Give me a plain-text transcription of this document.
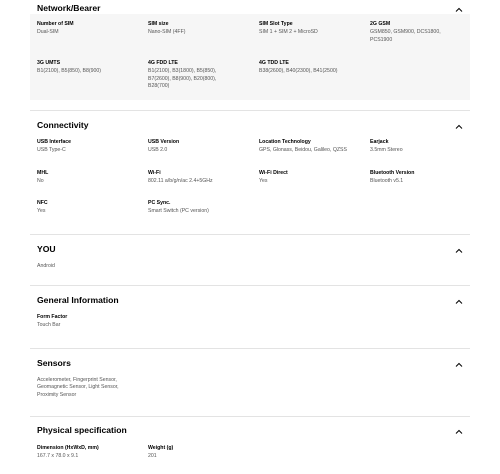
Network/Bearer
Number of SIM
Dual-SIM
SIM size
Nano-SIM (4FF)
SIM Slot Type
SIM 1 + SIM 2 + MicroSD
2G GSM
GSM850, GSM900, DCS1800,
PCS1900
3G UMTS
B1(2100), B5(850), B8(900)
4G FDD LTE
B1(2100), B3(1800), B5(850),
B7(2600), B8(900), B20(800),
B28(700)
4G TDD LTE
B38(2600), B40(2300), B41(2500)
Connectivity
USB Interface
USB Type-C
USB Version
USB 2.0
Location Technology
GPS, Glonass, Beidou, Galileo, QZSS
Earjack
3.5mm Stereo
MHL
No
Wi-Fi
802.11 a/b/g/n/ac 2.4+5GHz
Wi-Fi Direct
Yes
Bluetooth Version
Bluetooth v5.1
NFC
Yes
PC Sync.
Smart Switch (PC version)
YOU
Android
General Information
Form Factor
Touch Bar
Sensors
Accelerometer, Fingerprint Sensor,
Geomagnetic Sensor, Light Sensor,
Proximity Sensor
Physical specification
Dimension (HxWxD, mm)
167.7 x 78.0 x 9.1
Weight (g)
201
